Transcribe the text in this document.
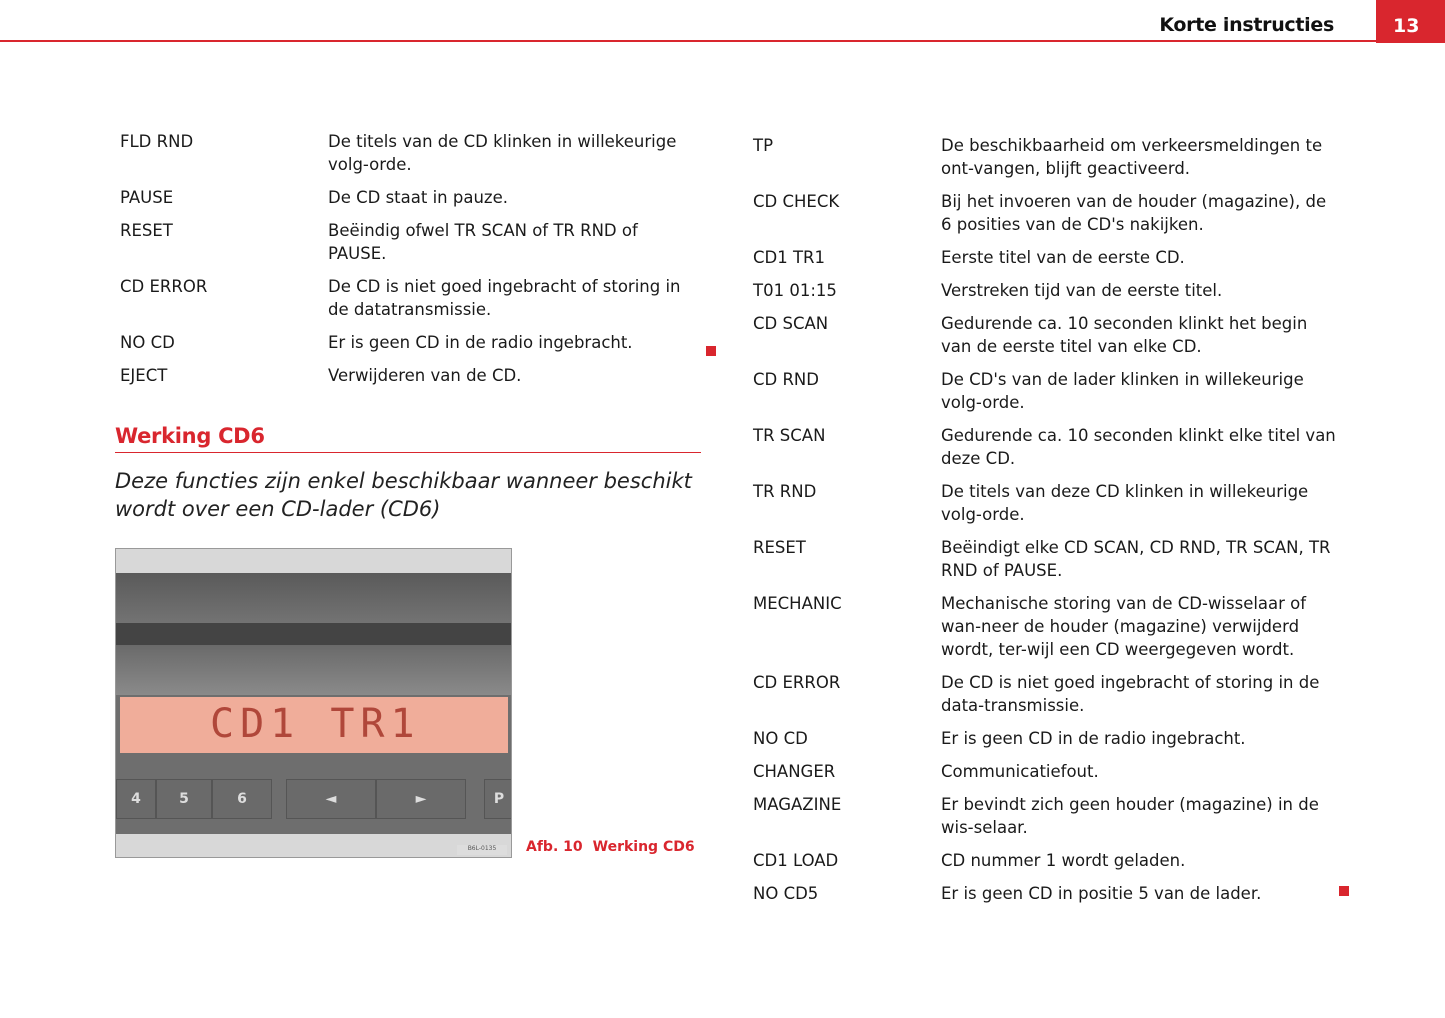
Korte instructies	13
FLD RND	De titels van de CD klinken in willekeurige volg-orde.
PAUSE	De CD staat in pauze.
RESET	Beëindig ofwel TR SCAN of TR RND of PAUSE.
CD ERROR	De CD is niet goed ingebracht of storing in de datatransmissie.
NO CD	Er is geen CD in de radio ingebracht.
EJECT	Verwijderen van de CD.
Werking CD6
Deze functies zijn enkel beschikbaar wanneer beschikt wordt over een CD-lader (CD6)
CD1 TR1
4	5	6	◄	►	P
B6L-0135	Afb. 10 Werking CD6
TP	De beschikbaarheid om verkeersmeldingen te ont-vangen, blijft geactiveerd.
CD CHECK	Bij het invoeren van de houder (magazine), de 6 posities van de CD's nakijken.
CD1 TR1	Eerste titel van de eerste CD.
T01 01:15	Verstreken tijd van de eerste titel.
CD SCAN	Gedurende ca. 10 seconden klinkt het begin van de eerste titel van elke CD.
CD RND	De CD's van de lader klinken in willekeurige volg-orde.
TR SCAN	Gedurende ca. 10 seconden klinkt elke titel van deze CD.
TR RND	De titels van deze CD klinken in willekeurige volg-orde.
RESET	Beëindigt elke CD SCAN, CD RND, TR SCAN, TR RND of PAUSE.
MECHANIC	Mechanische storing van de CD-wisselaar of wan-neer de houder (magazine) verwijderd wordt, ter-wijl een CD weergegeven wordt.
CD ERROR	De CD is niet goed ingebracht of storing in de data-transmissie.
NO CD	Er is geen CD in de radio ingebracht.
CHANGER	Communicatiefout.
MAGAZINE	Er bevindt zich geen houder (magazine) in de wis-selaar.
CD1 LOAD	CD nummer 1 wordt geladen.
NO CD5	Er is geen CD in positie 5 van de lader.
